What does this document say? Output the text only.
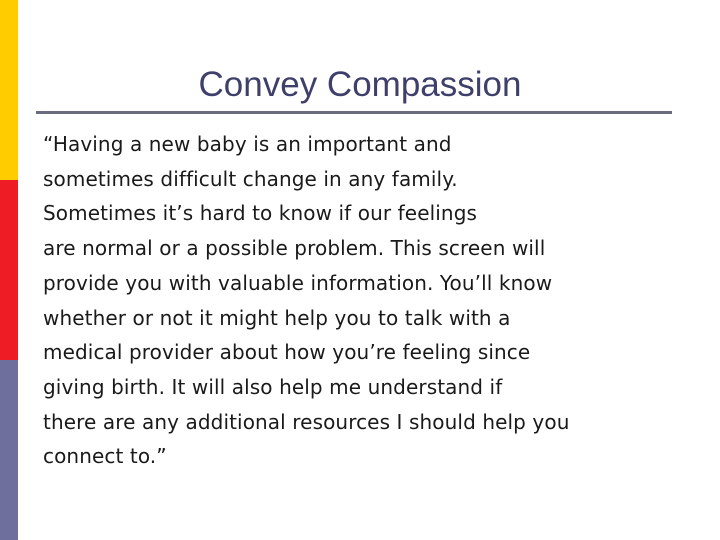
Convey Compassion

“Having a new baby is an important and
sometimes difficult change in any family.
Sometimes it’s hard to know if our feelings
are normal or a possible problem. This screen will
provide you with valuable information. You’ll know
whether or not it might help you to talk with a
medical provider about how you’re feeling since
giving birth. It will also help me understand if
there are any additional resources I should help you
connect to.”
